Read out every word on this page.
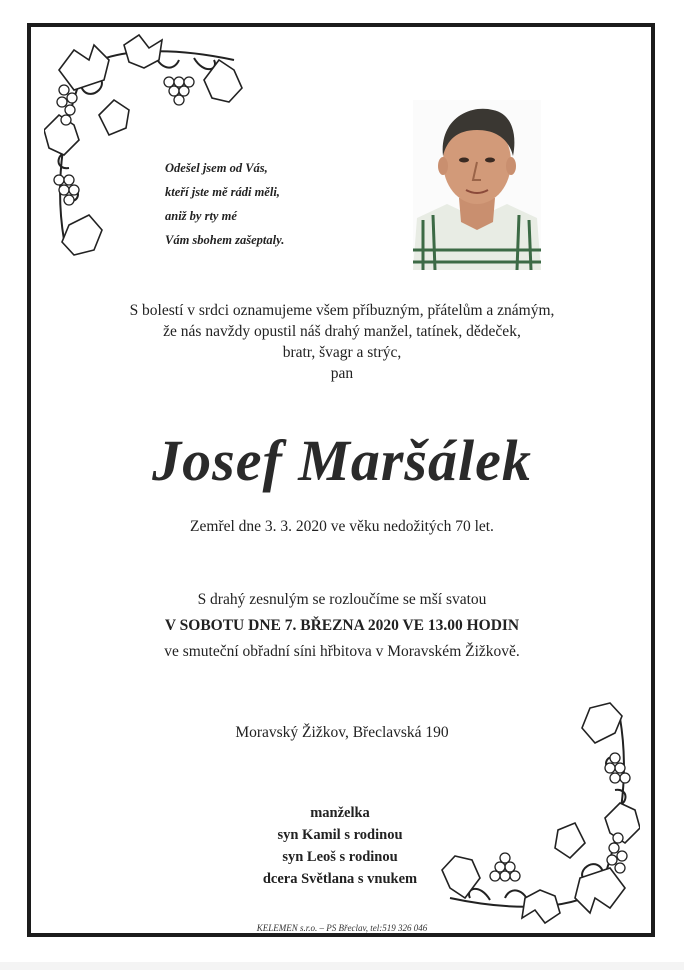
Odešel jsem od Vás,
kteří jste mě rádi měli,
aniž by rty mé
Vám sbohem zašeptaly.
S bolestí v srdci oznamujeme všem příbuzným, přátelům a známým,
že nás navždy opustil náš drahý manžel, tatínek, dědeček,
bratr, švagr a strýc,
pan
Josef Maršálek
Zemřel dne 3. 3. 2020 ve věku nedožitých 70 let.
S drahý zesnulým se rozloučíme se mší svatou
V SOBOTU DNE 7. BŘEZNA 2020 VE 13.00 HODIN
ve smuteční obřadní síni hřbitova v Moravském Žižkově.
Moravský Žižkov, Břeclavská 190
manželka
syn Kamil s rodinou
syn Leoš s rodinou
dcera Světlana s vnukem
KELEMEN s.r.o. – PS Břeclav, tel:519 326 046
